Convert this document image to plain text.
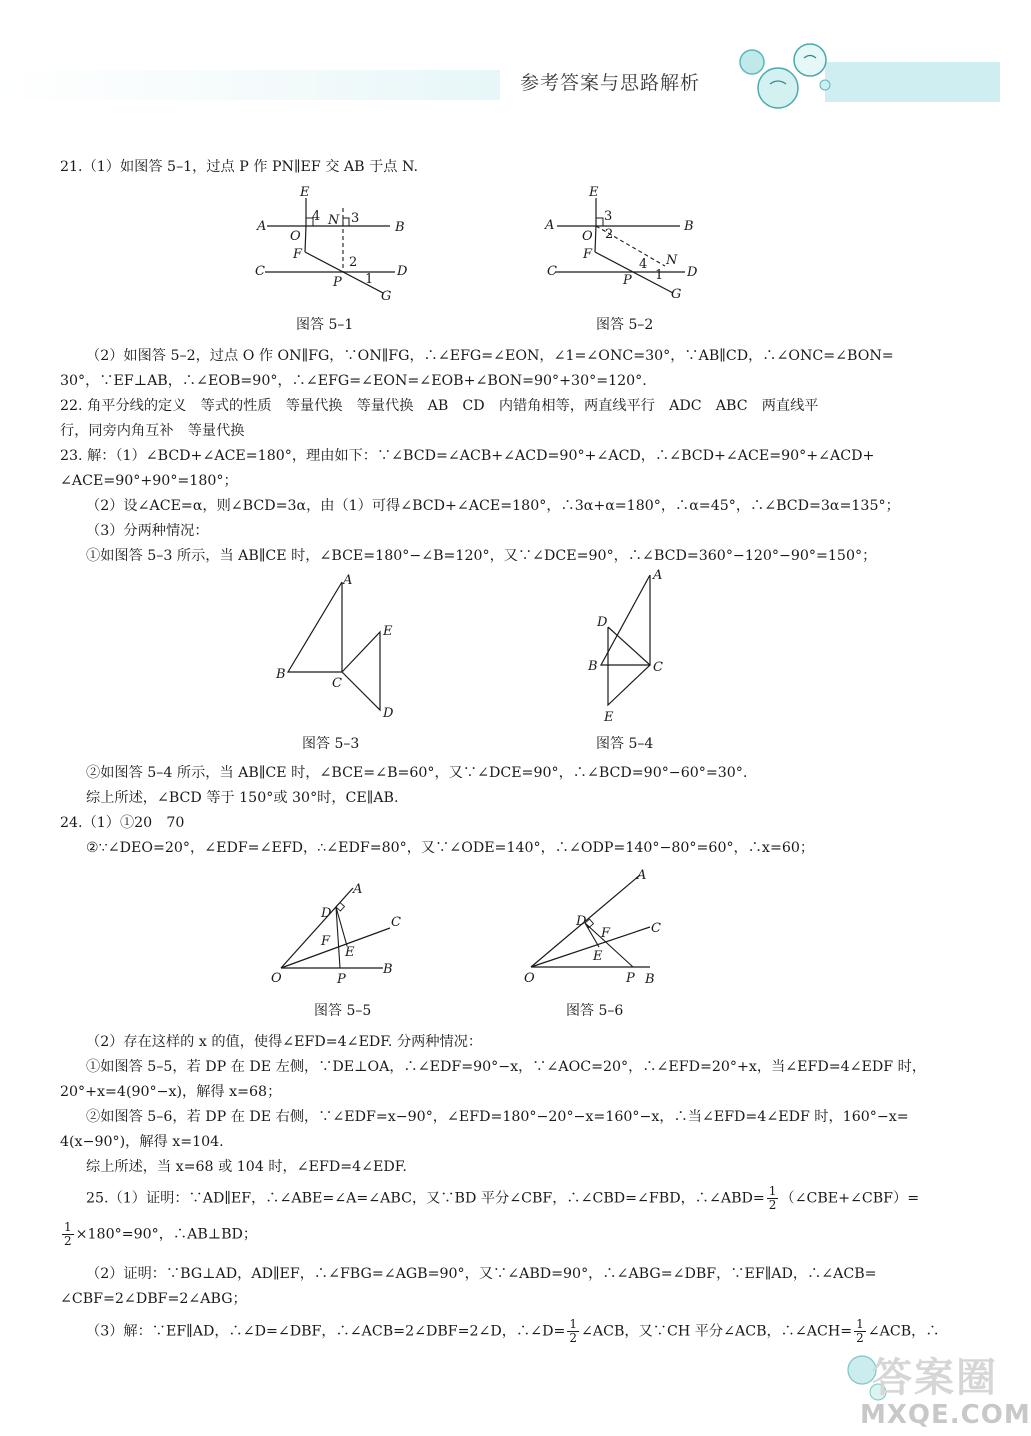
参考答案与思路解析
21.（1）如图答 5–1，过点 P 作 PN∥EF 交 AB 于点 N.
A	B
C	D
E
O
F
P
G
N
4 3
2
1
图答 5–1
A	B
C	D
E
O
F
P
G
N
3
2
4
1
图答 5–2
（2）如图答 5–2，过点 O 作 ON∥FG，∵ON∥FG，∴∠EFG=∠EON，∠1=∠ONC=30°，∵AB∥CD，∴∠ONC=∠BON=
30°，∵EF⊥AB，∴∠EOB=90°，∴∠EFG=∠EON=∠EOB+∠BON=90°+30°=120°.
22. 角平分线的定义　等式的性质　等量代换　等量代换　AB　CD　内错角相等，两直线平行　ADC　ABC　两直线平
行，同旁内角互补　等量代换
23. 解：（1）∠BCD+∠ACE=180°，理由如下：∵∠BCD=∠ACB+∠ACD=90°+∠ACD，∴∠BCD+∠ACE=90°+∠ACD+
∠ACE=90°+90°=180°；
（2）设∠ACE=α，则∠BCD=3α，由（1）可得∠BCD+∠ACE=180°，∴3α+α=180°，∴α=45°，∴∠BCD=3α=135°；
（3）分两种情况：
①如图答 5–3 所示，当 AB∥CE 时，∠BCE=180°−∠B=120°，又∵∠DCE=90°，∴∠BCD=360°−120°−90°=150°；
A
B
C
E
D
图答 5–3
A
D
B	C
E
图答 5–4
②如图答 5–4 所示，当 AB∥CE 时，∠BCE=∠B=60°，又∵∠DCE=90°，∴∠BCD=90°−60°=30°.
综上所述，∠BCD 等于 150°或 30°时，CE∥AB.
24.（1）①20　70
②∵∠DEO=20°，∠EDF=∠EFD，∴∠EDF=80°，又∵∠ODE=140°，∴∠ODP=140°−80°=60°，∴x=60；
A
C
B
O
D
F
E
P
图答 5–5
A
C
B
O
D
F
E
P
图答 5–6
（2）存在这样的 x 的值，使得∠EFD=4∠EDF. 分两种情况：
①如图答 5–5，若 DP 在 DE 左侧，∵DE⊥OA，∴∠EDF=90°−x，∵∠AOC=20°，∴∠EFD=20°+x，当∠EFD=4∠EDF 时，
20°+x=4(90°−x)，解得 x=68；
②如图答 5–6，若 DP 在 DE 右侧，∵∠EDF=x−90°，∠EFD=180°−20°−x=160°−x，∴当∠EFD=4∠EDF 时，160°−x=
4(x−90°)，解得 x=104.
综上所述，当 x=68 或 104 时，∠EFD=4∠EDF.
25.（1）证明：∵AD∥EF，∴∠ABE=∠A=∠ABC，又∵BD 平分∠CBF，∴∠CBD=∠FBD，∴∠ABD= $\frac{1}{2}$ （∠CBE+∠CBF）=
$\frac{1}{2} \times 180^\circ=90^\circ$，∴AB⊥BD；
（2）证明：∵BG⊥AD，AD∥EF，∴∠FBG=∠AGB=90°，又∵∠ABD=90°，∴∠ABG=∠DBF，∵EF∥AD，∴∠ACB=
∠CBF=2∠DBF=2∠ABG；
（3）解：∵EF∥AD，∴∠D=∠DBF，∴∠ACB=2∠DBF=2∠D，∴∠D= $\frac{1}{2}$ ∠ACB，又∵CH 平分∠ACB，∴∠ACH= $\frac{1}{2}$ ∠ACB，∴
答案圈
MXQE.COM
